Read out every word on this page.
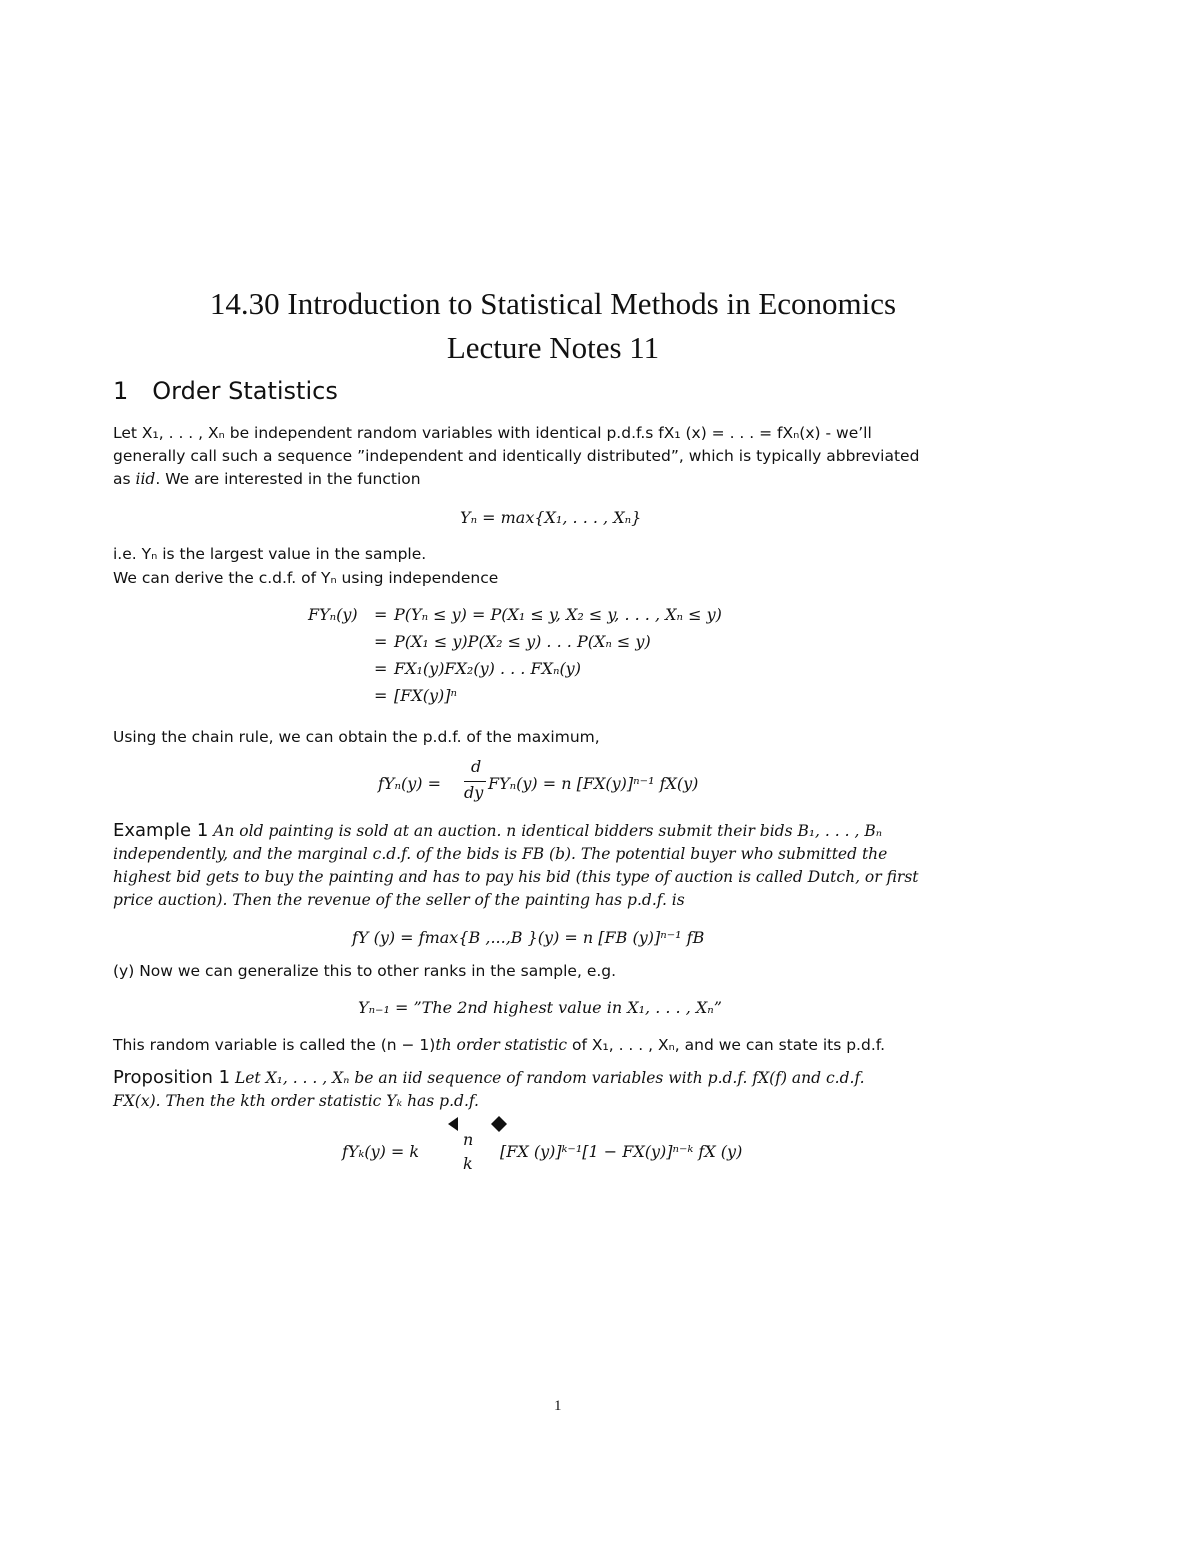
14.30 Introduction to Statistical Methods in Economics
Lecture Notes 11
1 Order Statistics
Let X₁, . . . , Xₙ be independent random variables with identical p.d.f.s fX₁ (x) = . . . = fXₙ(x) - we’ll
generally call such a sequence ”independent and identically distributed”, which is typically abbreviated
as iid. We are interested in the function
Yₙ = max{X₁, . . . , Xₙ}
i.e. Yₙ is the largest value in the sample.
We can derive the c.d.f. of Yₙ using independence
FYₙ(y) = P(Yₙ ≤ y) = P(X₁ ≤ y, X₂ ≤ y, . . . , Xₙ ≤ y)
= P(X₁ ≤ y)P(X₂ ≤ y) . . . P(Xₙ ≤ y)
= FX₁(y)FX₂(y) . . . FXₙ(y)
= [FX(y)]ⁿ
Using the chain rule, we can obtain the p.d.f. of the maximum,
fYₙ(y) =
d
dy FYₙ(y) = n [FX(y)]ⁿ⁻¹ fX(y)
Example 1 An old painting is sold at an auction. n identical bidders submit their bids B₁, . . . , Bₙ
independently, and the marginal c.d.f. of the bids is FB (b). The potential buyer who submitted the
highest bid gets to buy the painting and has to pay his bid (this type of auction is called Dutch, or first
price auction). Then the revenue of the seller of the painting has p.d.f. is
fY (y) = fmax{B ,...,B }(y) = n [FB (y)]ⁿ⁻¹ fB
(y) Now we can generalize this to other ranks in the sample, e.g.
Yₙ₋₁ = ”The 2nd highest value in X₁, . . . , Xₙ”
This random variable is called the (n − 1)th order statistic of X₁, . . . , Xₙ, and we can state its p.d.f.
Proposition 1 Let X₁, . . . , Xₙ be an iid sequence of random variables with p.d.f. fX(f) and c.d.f.
FX(x). Then the kth order statistic Yₖ has p.d.f.
fYₖ(y) = k
n
k
[FX (y)]ᵏ⁻¹[1 − FX(y)]ⁿ⁻ᵏ fX (y)
1
